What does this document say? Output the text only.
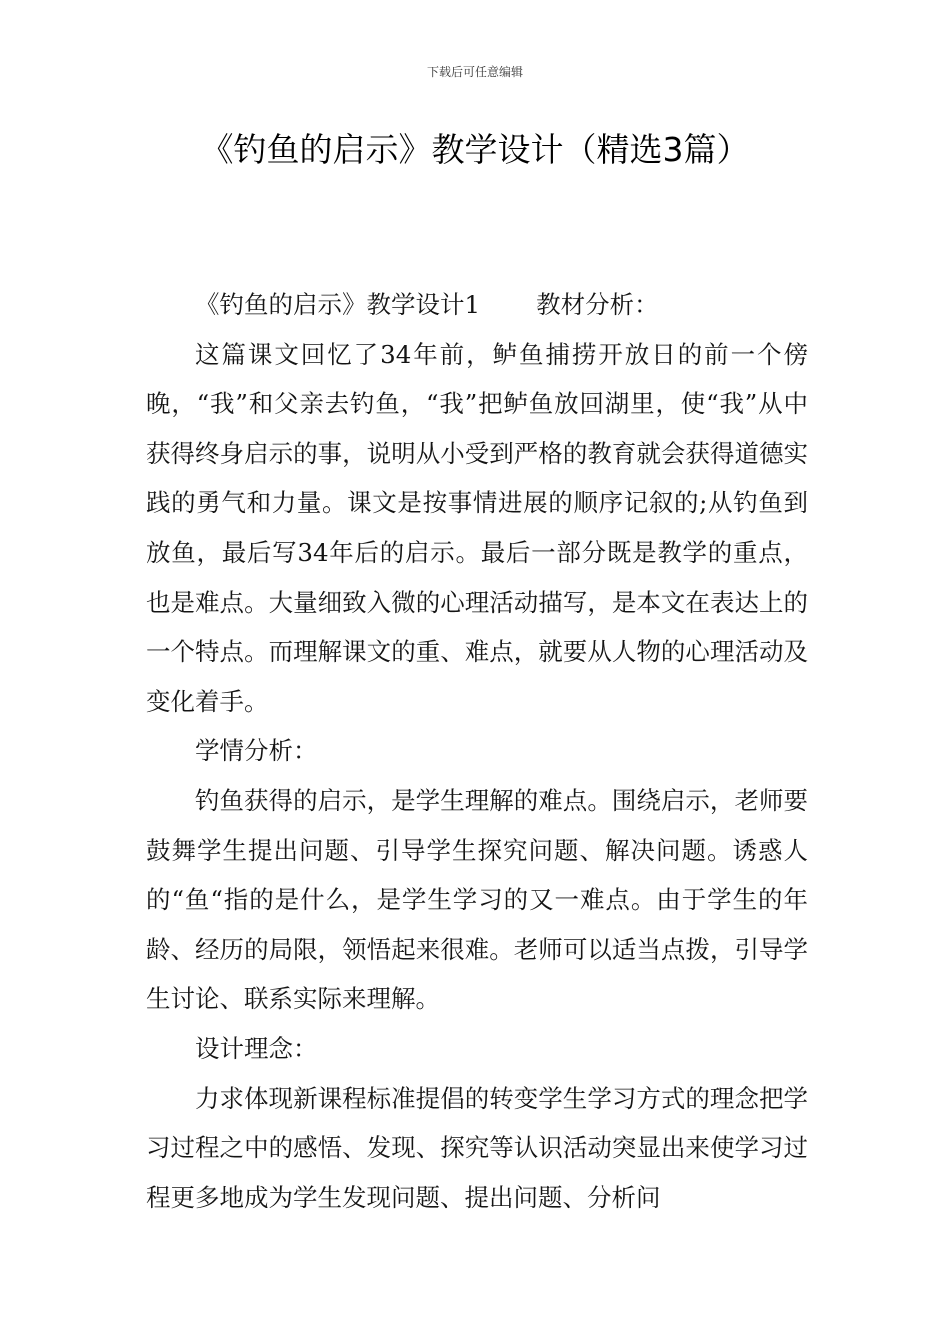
下载后可任意编辑
《钓鱼的启示》教学设计（精选3篇）

《钓鱼的启示》教学设计1 教材分析：

这篇课文回忆了34年前，鲈鱼捕捞开放日的前一个傍晚，“我”和父亲去钓鱼，“我”把鲈鱼放回湖里，使“我”从中获得终身启示的事，说明从小受到严格的教育就会获得道德实践的勇气和力量。课文是按事情进展的顺序记叙的;从钓鱼到放鱼，最后写34年后的启示。最后一部分既是教学的重点，也是难点。大量细致入微的心理活动描写，是本文在表达上的一个特点。而理解课文的重、难点，就要从人物的心理活动及变化着手。

学情分析：

钓鱼获得的启示，是学生理解的难点。围绕启示，老师要鼓舞学生提出问题、引导学生探究问题、解决问题。诱惑人的“鱼“指的是什么，是学生学习的又一难点。由于学生的年龄、经历的局限，领悟起来很难。老师可以适当点拨，引导学生讨论、联系实际来理解。

设计理念：

力求体现新课程标准提倡的转变学生学习方式的理念把学习过程之中的感悟、发现、探究等认识活动突显出来使学习过程更多地成为学生发现问题、提出问题、分析问
